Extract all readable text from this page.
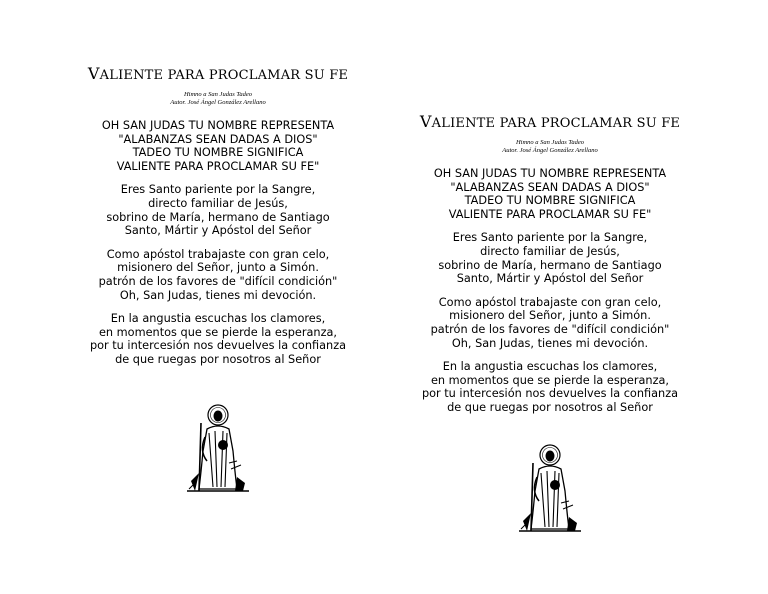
VALIENTE PARA PROCLAMAR SU FE
Himno a San Judas Tadeo
Autor. José Ángel González Arellano
OH SAN JUDAS TU NOMBRE REPRESENTA
"ALABANZAS SEAN DADAS A DIOS"
TADEO TU NOMBRE SIGNIFICA
VALIENTE PARA PROCLAMAR SU FE"
Eres Santo pariente por la Sangre,
directo familiar de Jesús,
sobrino de María, hermano de Santiago
Santo, Mártir y Apóstol del Señor
Como apóstol trabajaste con gran celo,
misionero del Señor, junto a Simón.
patrón de los favores de "difícil condición"
Oh, San Judas, tienes mi devoción.
En la angustia escuchas los clamores,
en momentos que se pierde la esperanza,
por tu intercesión nos devuelves la confianza
de que ruegas por nosotros al Señor
VALIENTE PARA PROCLAMAR SU FE
Himno a San Judas Tadeo
Autor. José Ángel González Arellano
OH SAN JUDAS TU NOMBRE REPRESENTA
"ALABANZAS SEAN DADAS A DIOS"
TADEO TU NOMBRE SIGNIFICA
VALIENTE PARA PROCLAMAR SU FE"
Eres Santo pariente por la Sangre,
directo familiar de Jesús,
sobrino de María, hermano de Santiago
Santo, Mártir y Apóstol del Señor
Como apóstol trabajaste con gran celo,
misionero del Señor, junto a Simón.
patrón de los favores de "difícil condición"
Oh, San Judas, tienes mi devoción.
En la angustia escuchas los clamores,
en momentos que se pierde la esperanza,
por tu intercesión nos devuelves la confianza
de que ruegas por nosotros al Señor
